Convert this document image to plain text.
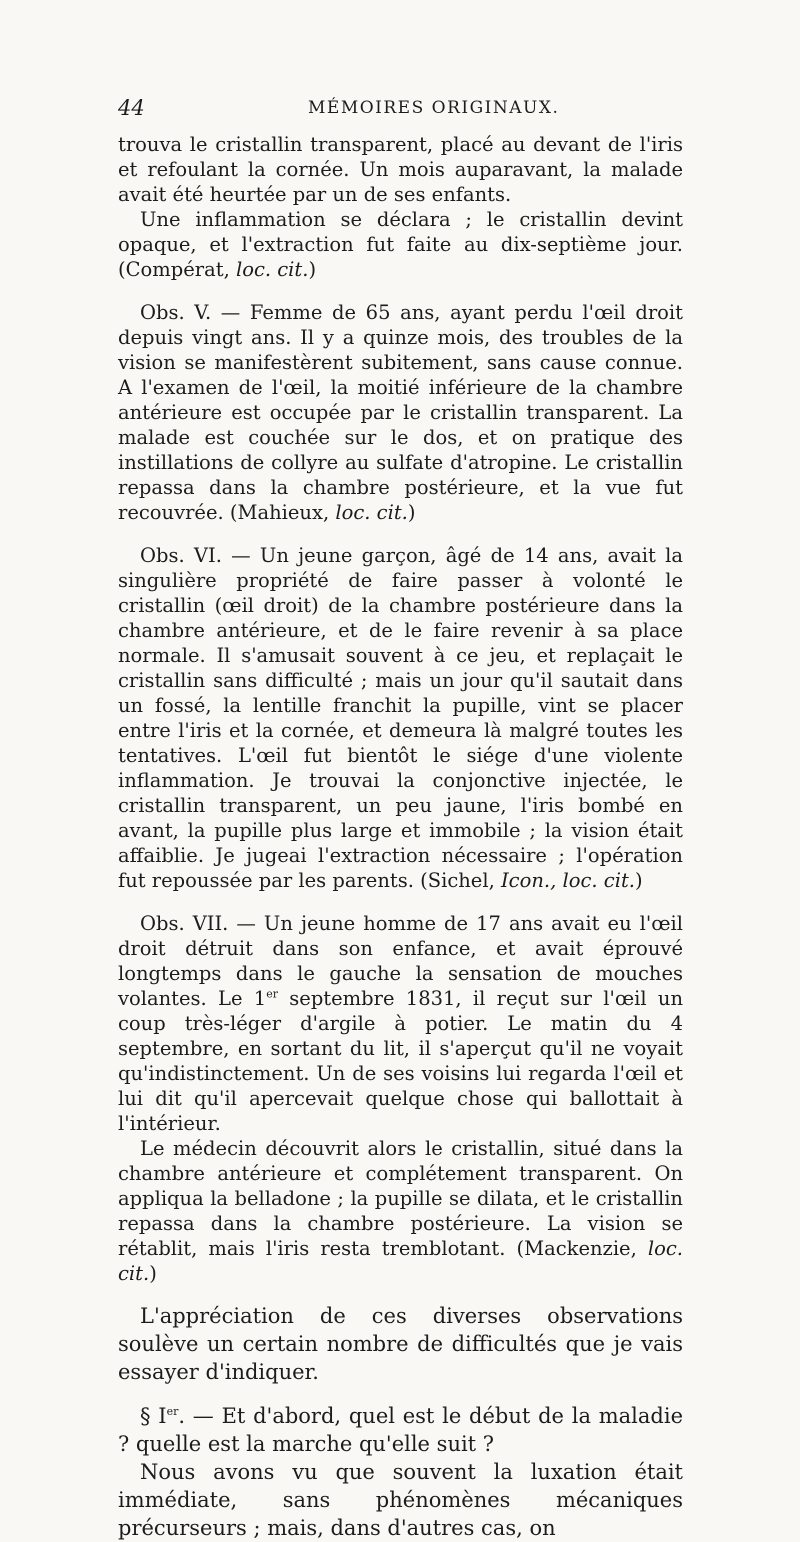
44	MÉMOIRES ORIGINAUX.

trouva le cristallin transparent, placé au devant de l'iris et refoulant la cornée. Un mois auparavant, la malade avait été heurtée par un de ses enfants.

Une inflammation se déclara ; le cristallin devint opaque, et l'extraction fut faite au dix-septième jour. (Compérat, loc. cit.)

Obs. V. — Femme de 65 ans, ayant perdu l'œil droit depuis vingt ans. Il y a quinze mois, des troubles de la vision se manifestèrent subitement, sans cause connue. A l'examen de l'œil, la moitié inférieure de la chambre antérieure est occupée par le cristallin transparent. La malade est couchée sur le dos, et on pratique des instillations de collyre au sulfate d'atropine. Le cristallin repassa dans la chambre postérieure, et la vue fut recouvrée. (Mahieux, loc. cit.)

Obs. VI. — Un jeune garçon, âgé de 14 ans, avait la singulière propriété de faire passer à volonté le cristallin (œil droit) de la chambre postérieure dans la chambre antérieure, et de le faire revenir à sa place normale. Il s'amusait souvent à ce jeu, et replaçait le cristallin sans difficulté ; mais un jour qu'il sautait dans un fossé, la lentille franchit la pupille, vint se placer entre l'iris et la cornée, et demeura là malgré toutes les tentatives. L'œil fut bientôt le siége d'une violente inflammation. Je trouvai la conjonctive injectée, le cristallin transparent, un peu jaune, l'iris bombé en avant, la pupille plus large et immobile ; la vision était affaiblie. Je jugeai l'extraction nécessaire ; l'opération fut repoussée par les parents. (Sichel, Icon., loc. cit.)

Obs. VII. — Un jeune homme de 17 ans avait eu l'œil droit détruit dans son enfance, et avait éprouvé longtemps dans le gauche la sensation de mouches volantes. Le 1er septembre 1831, il reçut sur l'œil un coup très-léger d'argile à potier. Le matin du 4 septembre, en sortant du lit, il s'aperçut qu'il ne voyait qu'indistinctement. Un de ses voisins lui regarda l'œil et lui dit qu'il apercevait quelque chose qui ballottait à l'intérieur.

Le médecin découvrit alors le cristallin, situé dans la chambre antérieure et complétement transparent. On appliqua la belladone ; la pupille se dilata, et le cristallin repassa dans la chambre postérieure. La vision se rétablit, mais l'iris resta tremblotant. (Mackenzie, loc. cit.)

L'appréciation de ces diverses observations soulève un certain nombre de difficultés que je vais essayer d'indiquer.

§ Ier. — Et d'abord, quel est le début de la maladie ? quelle est la marche qu'elle suit ?

Nous avons vu que souvent la luxation était immédiate, sans phénomènes mécaniques précurseurs ; mais, dans d'autres cas, on
